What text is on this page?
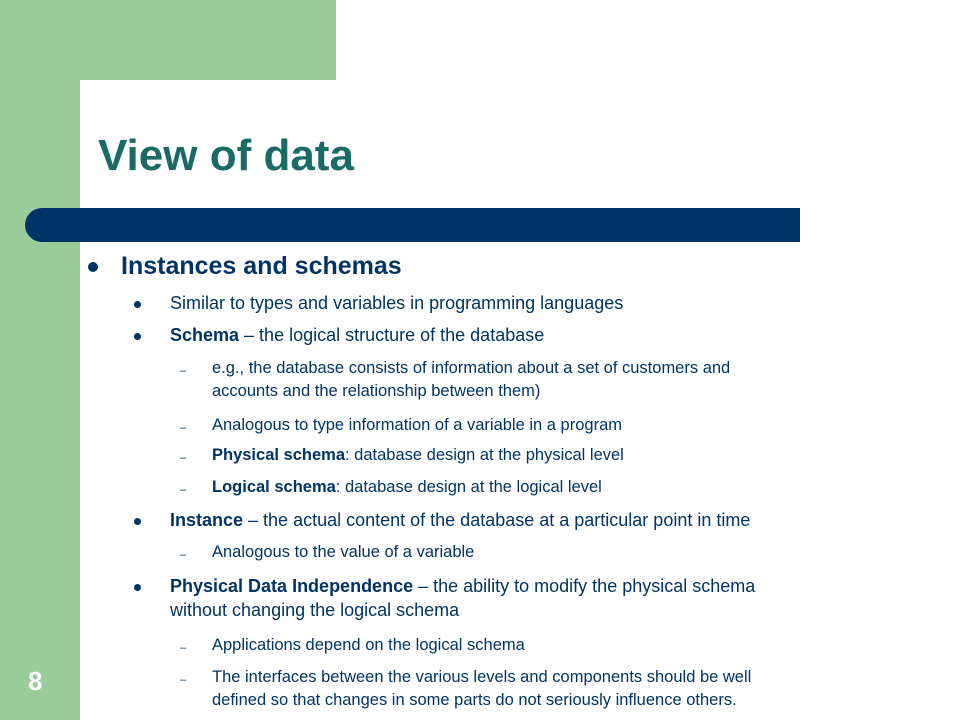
View of data
8
Instances and schemas
Similar to types and variables in programming languages
Schema – the logical structure of the database
– e.g., the database consists of information about a set of customers and
accounts and the relationship between them)
– Analogous to type information of a variable in a program
– Physical schema: database design at the physical level
– Logical schema: database design at the logical level
Instance – the actual content of the database at a particular point in time
– Analogous to the value of a variable
Physical Data Independence – the ability to modify the physical schema
without changing the logical schema
– Applications depend on the logical schema
– The interfaces between the various levels and components should be well
defined so that changes in some parts do not seriously influence others.
